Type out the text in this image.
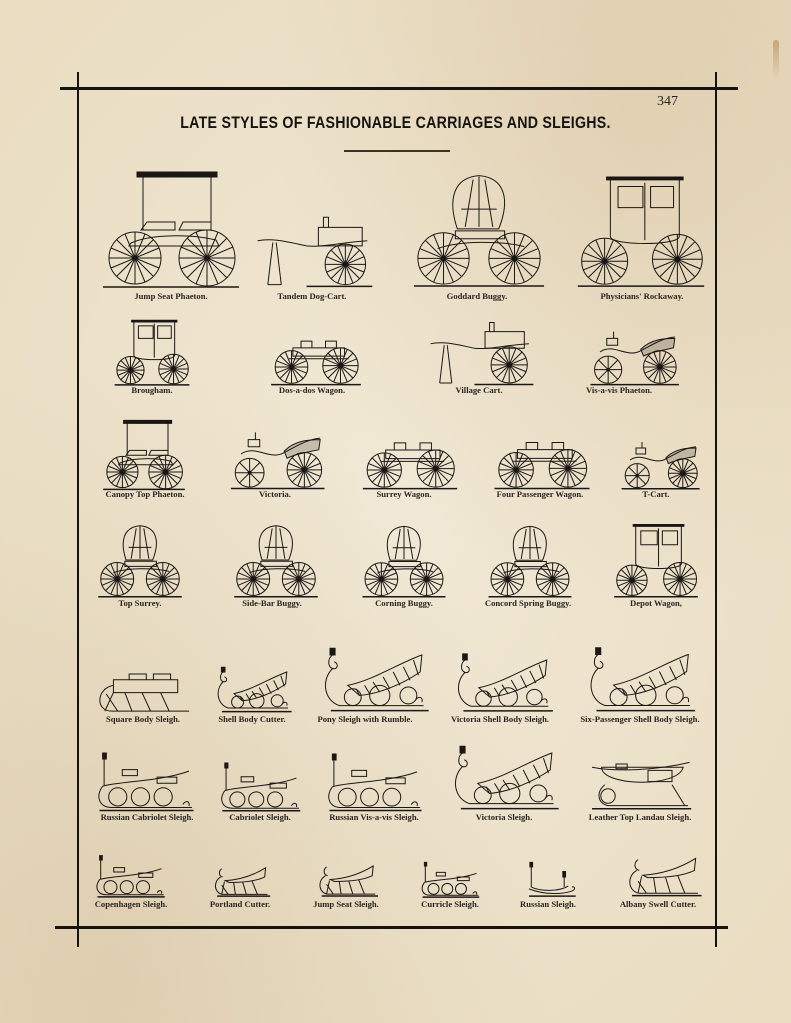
347
LATE STYLES OF FASHIONABLE CARRIAGES AND SLEIGHS.
Jump Seat Phaeton.	Tandem Dog-Cart.	Goddard Buggy.	Physicians' Rockaway.
Brougham.	Dos-a-dos Wagon.	Village Cart.	Vis-a-vis Phaeton.
Canopy Top Phaeton.	Victoria.	Surrey Wagon.	Four Passenger Wagon.	T-Cart.
Top Surrey.	Side-Bar Buggy.	Corning Buggy.	Concord Spring Buggy.	Depot Wagon,
Square Body Sleigh.	Shell Body Cutter.	Pony Sleigh with Rumble.	Victoria Shell Body Sleigh.	Six-Passenger Shell Body Sleigh.
Russian Cabriolet Sleigh.	Cabriolet Sleigh.	Russian Vis-a-vis Sleigh.	Victoria Sleigh.	Leather Top Landau Sleigh.
Copenhagen Sleigh.	Portland Cutter.	Jump Seat Sleigh.	Curricle Sleigh.	Russian Sleigh.	Albany Swell Cutter.
